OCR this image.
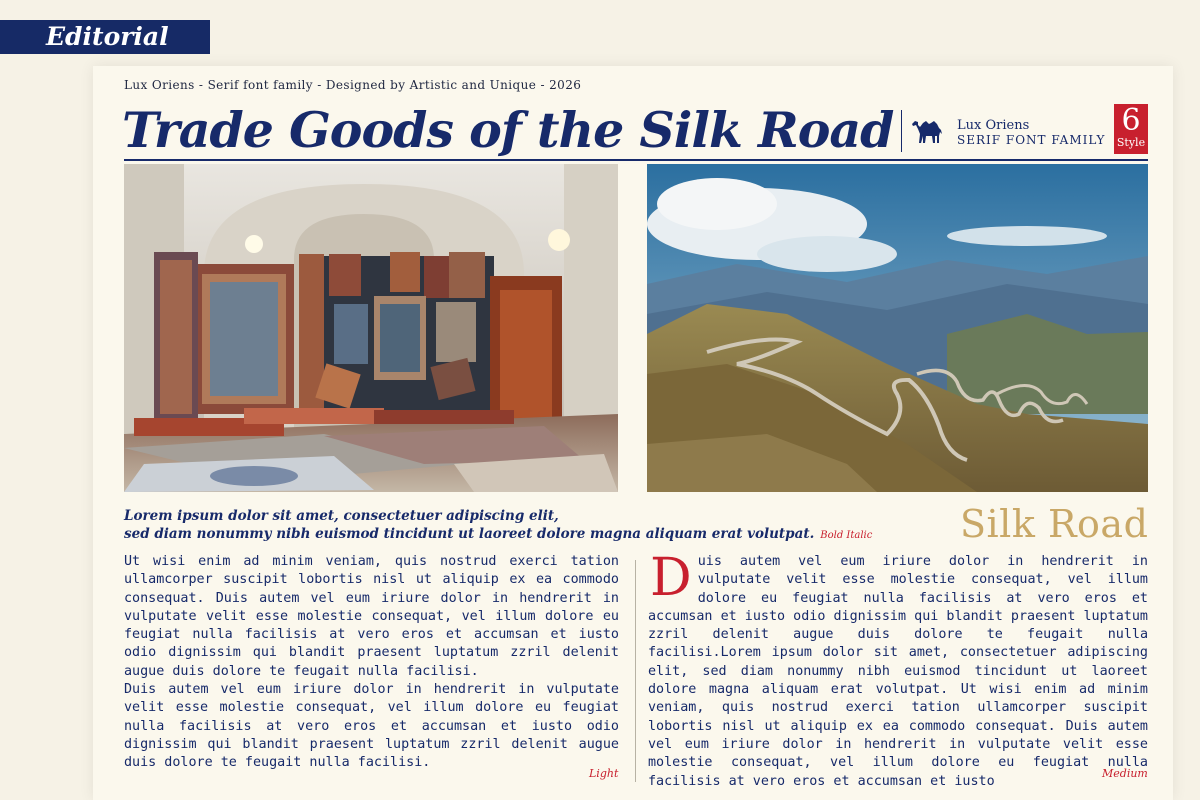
Editorial
Lux Oriens - Serif font family - Designed by Artistic and Unique - 2026
Trade Goods of the Silk Road	Lux Oriens
SERIF FONT FAMILY
6
Style
Lorem ipsum dolor sit amet, consectetuer adipiscing elit,
sed diam nonummy nibh euismod tincidunt ut laoreet dolore magna aliquam erat volutpat. Bold Italic	Silk Road

Ut wisi enim ad minim veniam, quis nostrud exerci tation ullamcorper suscipit lobortis nisl ut aliquip ex ea commodo consequat. Duis autem vel eum iriure dolor in hendrerit in vulputate velit esse molestie consequat, vel illum dolore eu feugiat nulla facilisis at vero eros et accumsan et iusto odio dignissim qui blandit praesent luptatum zzril delenit augue duis dolore te feugait nulla facilisi.

Duis autem vel eum iriure dolor in hendrerit in vulputate velit esse molestie consequat, vel illum dolore eu feugiat nulla facilisis at vero eros et accumsan et iusto odio dignissim qui blandit praesent luptatum zzril delenit augue duis dolore te feugait nulla facilisi.

Light
Duis autem vel eum iriure dolor in hendrerit in vulputate velit esse molestie consequat, vel illum dolore eu feugiat nulla facilisis at vero eros et accumsan et iusto odio dignissim qui blandit praesent luptatum zzril delenit augue duis dolore te feugait nulla facilisi.Lorem ipsum dolor sit amet, consectetuer adipiscing elit, sed diam nonummy nibh euismod tincidunt ut laoreet dolore magna aliquam erat volutpat. Ut wisi enim ad minim veniam, quis nostrud exerci tation ullamcorper suscipit lobortis nisl ut aliquip ex ea commodo consequat. Duis autem vel eum iriure dolor in hendrerit in vulputate velit esse molestie consequat, vel illum dolore eu feugiat nulla facilisis at vero eros et accumsan et iusto
Medium
